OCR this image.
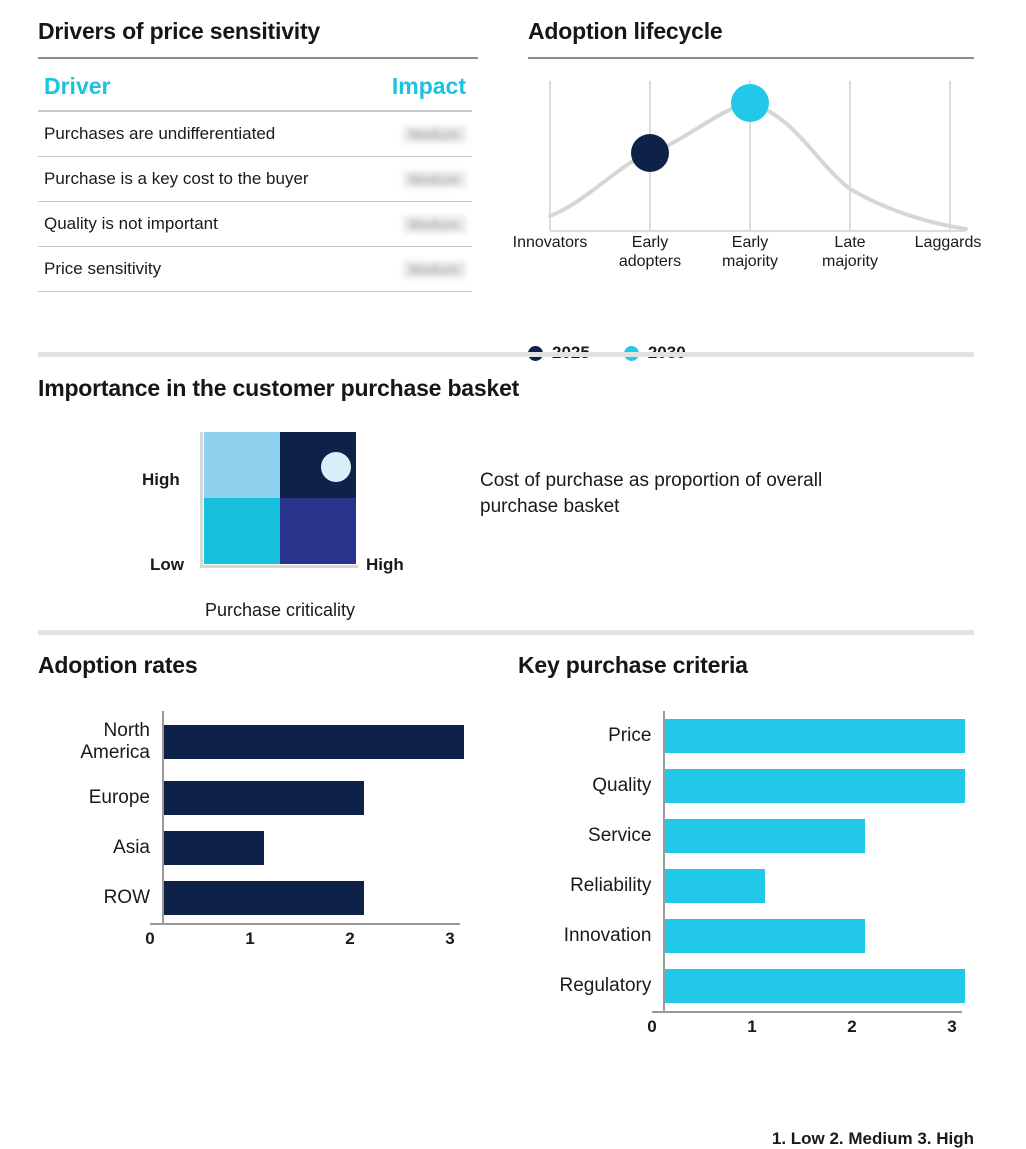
Drivers of price sensitivity
Driver	Impact
Purchases are undifferentiated	Medium
Purchase is a key cost to the buyer	Medium
Quality is not important	Medium
Price sensitivity	Medium
Adoption lifecycle
Innovators	Early
adopters
Early
majority
Late
majority
Laggards
Importance in the customer purchase basket
High
Low	High
Purchase criticality
Cost of purchase as proportion of overall purchase basket
Adoption rates
North
America
Europe
Asia
ROW
0	1	2	3
Key purchase criteria
Price
Quality
Service
Reliability
Innovation
Regulatory
0	1	2	3
1. Low 2. Medium 3. High
